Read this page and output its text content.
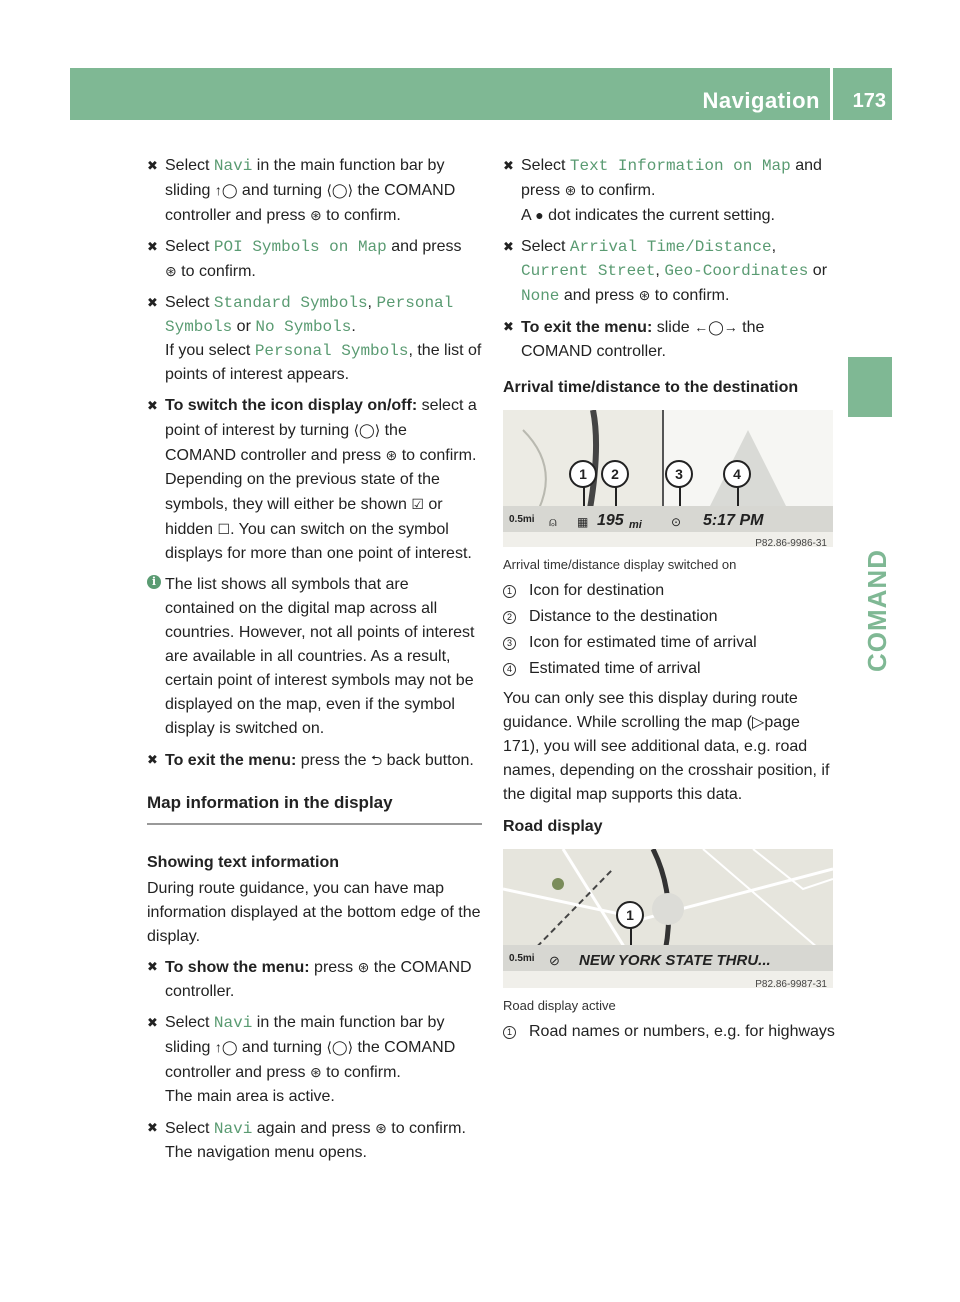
Navigation 173
COMAND
✖ Select Navi in the main function bar by sliding ↑◯ and turning ⟨◯⟩ the COMAND controller and press ⊛ to confirm.
✖ Select POI Symbols on Map and press
⊛ to confirm.
✖ Select Standard Symbols, Personal Symbols or No Symbols.
If you select Personal Symbols, the list of points of interest appears.
✖ To switch the icon display on/off: select a point of interest by turning ⟨◯⟩ the COMAND controller and press ⊛ to confirm.
Depending on the previous state of the symbols, they will either be shown ☑ or hidden ☐. You can switch on the symbol displays for more than one point of interest.
i The list shows all symbols that are contained on the digital map across all countries. However, not all points of interest are available in all countries. As a result, certain point of interest symbols may not be displayed on the map, even if the symbol display is switched on.
✖ To exit the menu: press the ⮌ back button.
Map information in the display
Showing text information
During route guidance, you can have map information displayed at the bottom edge of the display.
✖ To show the menu: press ⊛ the COMAND controller.
✖ Select Navi in the main function bar by sliding ↑◯ and turning ⟨◯⟩ the COMAND controller and press ⊛ to confirm.
The main area is active.
✖ Select Navi again and press ⊛ to confirm.
The navigation menu opens.
✖ Select Text Information on Map and press ⊛ to confirm.
A ● dot indicates the current setting.
✖ Select Arrival Time/Distance,
Current Street, Geo-Coordinates or
None and press ⊛ to confirm.
✖ To exit the menu: slide ←◯→ the COMAND controller.
Arrival time/distance to the destination
1	2	3	4
0.5mi ⍝ ▦ 195 mi ⊙ 5:17 PM
P82.86-9986-31
Arrival time/distance display switched on
1 Icon for destination
2 Distance to the destination
3 Icon for estimated time of arrival
4 Estimated time of arrival
You can only see this display during route guidance. While scrolling the map (▷page 171), you will see additional data, e.g. road names, depending on the crosshair position, if the digital map supports this data.
Road display
1
0.5mi ⊘ NEW YORK STATE THRU...
P82.86-9987-31
Road display active
1 Road names or numbers, e.g. for highways
